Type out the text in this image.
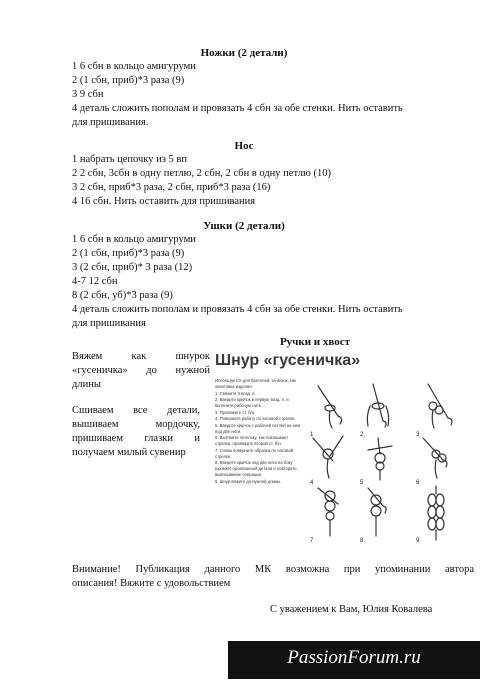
Ножки (2 детали)
1 6 сбн в кольцо амигуруми
2 (1 сбн, приб)*3 раза (9)
3 9 сбн
4 деталь сложить пополам и провязать 4 сбн за обе стенки. Нить оставить
для пришивания.
Нос
1 набрать цепочку из 5 вп
2 2 сбн, 3сбн в одну петлю, 2 сбн, 2 сбн в одну петлю (10)
3 2 сбн, приб*3 раза, 2 сбн, приб*3 раза (16)
4 16 сбн. Нить оставить для пришивания
Ушки (2 детали)
1 6 сбн в кольцо амигуруми
2 (1 сбн, приб)*3 раза (9)
3 (2 сбн, приб)* 3 раза (12)
4-7 12 сбн
8 (2 сбн, уб)*3 раза (9)
4 деталь сложить пополам и провязать 4 сбн за обе стенки. Нить оставить
для пришивания
Ручки и хвост
Вяжем как шнурок
«гусеничка» до нужной
длины
Сшиваем все детали,
вышиваем мордочку,
пришиваем глазки и
получаем милый сувенир
Шнур «гусеничка»
Используется для бретелей, за-вязок, как окантовка изделия.
1. Свяжите 3 возд. п.
2. Введите крючок в первую возд. п. и вытяните рабочую нить.
3. Провяжите ст. б/н.
4. Поверните работу по часовой стрелке.
5. Введите крючок с рабочей петлей на нем под две нити.
6. Вытяните петельку, как показывает стрелка, провяжите второй ст. б/н.
7. Снова поверните образец по часовой стрелке.
8. Введите крючок под две нити на боку (кромке) провязанной детали и повторите вывязывание операции.
9. Шнур вяжите до нужной длины.
1	2	3
4	5	6
7	8	9
Внимание! Публикация данного МК возможна при упоминании автора
описания! Вяжите с удовольствием
С уважением к Вам, Юлия Ковалева
PassionForum.ru
